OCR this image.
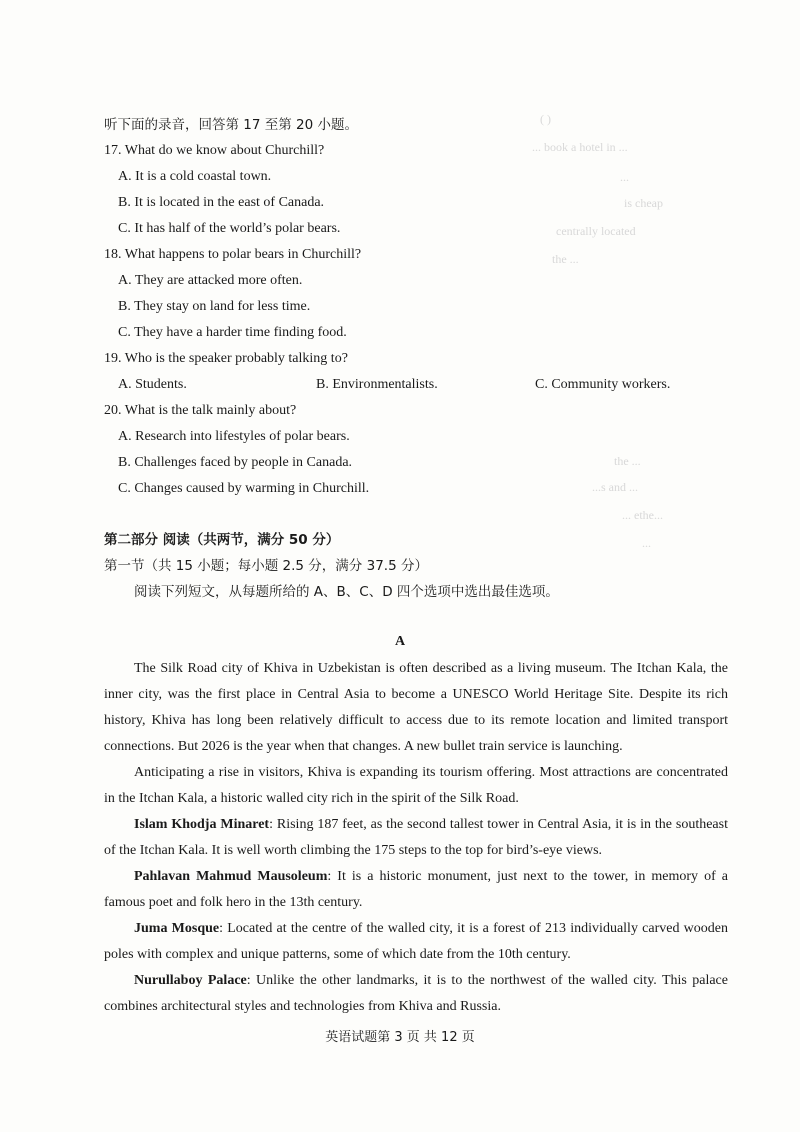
( )
... book a hotel in ...
...
is cheap
centrally located
the ...
the ...
...s and ...
... ethe...
...
听下面的录音，回答第 17 至第 20 小题。
17. What do we know about Churchill?
A. It is a cold coastal town.
B. It is located in the east of Canada.
C. It has half of the world’s polar bears.
18. What happens to polar bears in Churchill?
A. They are attacked more often.
B. They stay on land for less time.
C. They have a harder time finding food.
19. Who is the speaker probably talking to?
A. Students.	B. Environmentalists.	C. Community workers.
20. What is the talk mainly about?
A. Research into lifestyles of polar bears.
B. Challenges faced by people in Canada.
C. Changes caused by warming in Churchill.
第二部分 阅读（共两节，满分 50 分）
第一节（共 15 小题；每小题 2.5 分，满分 37.5 分）
阅读下列短文，从每题所给的 A、B、C、D 四个选项中选出最佳选项。
A
The Silk Road city of Khiva in Uzbekistan is often described as a living museum. The Itchan Kala, the inner city, was the first place in Central Asia to become a UNESCO World Heritage Site. Despite its rich history, Khiva has long been relatively difficult to access due to its remote location and limited transport connections. But 2026 is the year when that changes. A new bullet train service is launching.
Anticipating a rise in visitors, Khiva is expanding its tourism offering. Most attractions are concentrated in the Itchan Kala, a historic walled city rich in the spirit of the Silk Road.
Islam Khodja Minaret: Rising 187 feet, as the second tallest tower in Central Asia, it is in the southeast of the Itchan Kala. It is well worth climbing the 175 steps to the top for bird’s-eye views.
Pahlavan Mahmud Mausoleum: It is a historic monument, just next to the tower, in memory of a famous poet and folk hero in the 13th century.
Juma Mosque: Located at the centre of the walled city, it is a forest of 213 individually carved wooden poles with complex and unique patterns, some of which date from the 10th century.
Nurullaboy Palace: Unlike the other landmarks, it is to the northwest of the walled city. This palace combines architectural styles and technologies from Khiva and Russia.
英语试题第 3 页 共 12 页
